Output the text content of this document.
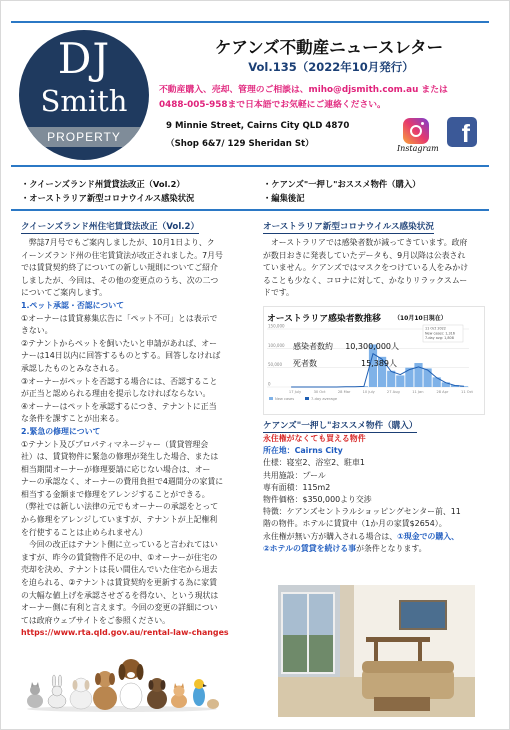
DJ
Smith
PROPERTY
ケアンズ不動産ニュースレター
Vol.135（2022年10月発行）
不動産購入、売却、管理のご相談は、miho@djsmith.com.au または
0488-005-958まで日本語でお気軽にご連絡ください。
9 Minnie Street, Cairns City QLD 4870
（Shop 6&7/ 129 Sheridan St）	Instagram
f
・クイーンズランド州賃貸法改正（Vol.2）
・オーストラリア新型コロナウイルス感染状況
・ケアンズ"一押し"おススメ物件（購入）
・編集後記
クイーンズランド州住宅賃貸法改正（Vol.2）

　弊誌7月号でもご案内しましたが、10月1日より、ク

イーンズランド州の住宅賃貸法が改正されました。7月号

では賃貸契約終了についての新しい規則についてご紹介

しましたが、今回は、その他の変更点のうち、次の二つ

についてご案内します。

1.ペット承認・否認について

①オーナーは賃貸募集広告に「ペット不可」とは表示で

きない。

②テナントからペットを飼いたいと申請があれば、オー

ナーは14日以内に回答するものとする。回答しなければ

承認したものとみなされる。

③オーナーがペットを否認する場合には、否認すること

が正当と認められる理由を提示しなければならない。

④オーナーはペットを承認するにつき、テナントに正当

な条件を課すことが出来る。

2.緊急の修理について

①テナント及びプロパティマネージャー（賃貸管理会

社）は、賃貸物件に緊急の修理が発生した場合、または

相当期間オーナーが修理要請に応じない場合は、オー

ナーの承認なく、オーナーの費用負担で4週間分の家賃に

相当する金額まで修理をアレンジすることができる。

（弊社では新しい法律の元でもオーナーの承認をとって

から修理をアレンジしていますが、テナントが上記権利

を行使することは止められません）

　今回の改正はテナント側に立っていると言われてはい

ますが、昨今の賃貸物件不足の中、①オーナーが住宅の

売却を決め、テナントは長い間住んでいた住宅から退去

を迫られる、②テナントは賃貸契約を更新する為に家賃

の大幅な値上げを承認させざるを得ない、という現状は

オーナー側に有利と言えます。今回の変更の詳細につい

ては政府ウェブサイトをご参照ください。

https://www.rta.qld.gov.au/rental-law-changes

オーストラリア新型コロナウイルス感染状況

　オーストラリアでは感染者数が減ってきています。政府

が数日おきに発表していたデータも、9月以降は公表され

ていません。ケアンズではマスクをつけている人をみかけ

ることも少なく、コロナに対して、かなりリラックスムー

ドです。

オーストラリア感染者数推移 （10月10日現在）
150,000
100,000
50,000
0
17 July	30 Oct	28 Mar	10 July	27 Aug	11 Jan	28 Apr	11 Oct
New cases	7-day average
11 Oct 2022
New cases: 1,316
7-day avg: 1,808
感染者数約	10,300,000人
死者数	15,389人
ケアンズ"一押し"おススメ物件（購入）
永住権がなくても買える物件
所在地：Cairns City
仕様：寝室2、浴室2、駐車1
共用施設：プール
専有面積：115m2
物件価格：$350,000より交渉
特徴：ケアンズセントラルショッピングセンター前、11
階の物件。ホテルに賃貸中（1か月の家賃$2654）。
永住権が無い方が購入される場合は、①現金での購入、
②ホテルの賃貸を続ける事が条件となります。
